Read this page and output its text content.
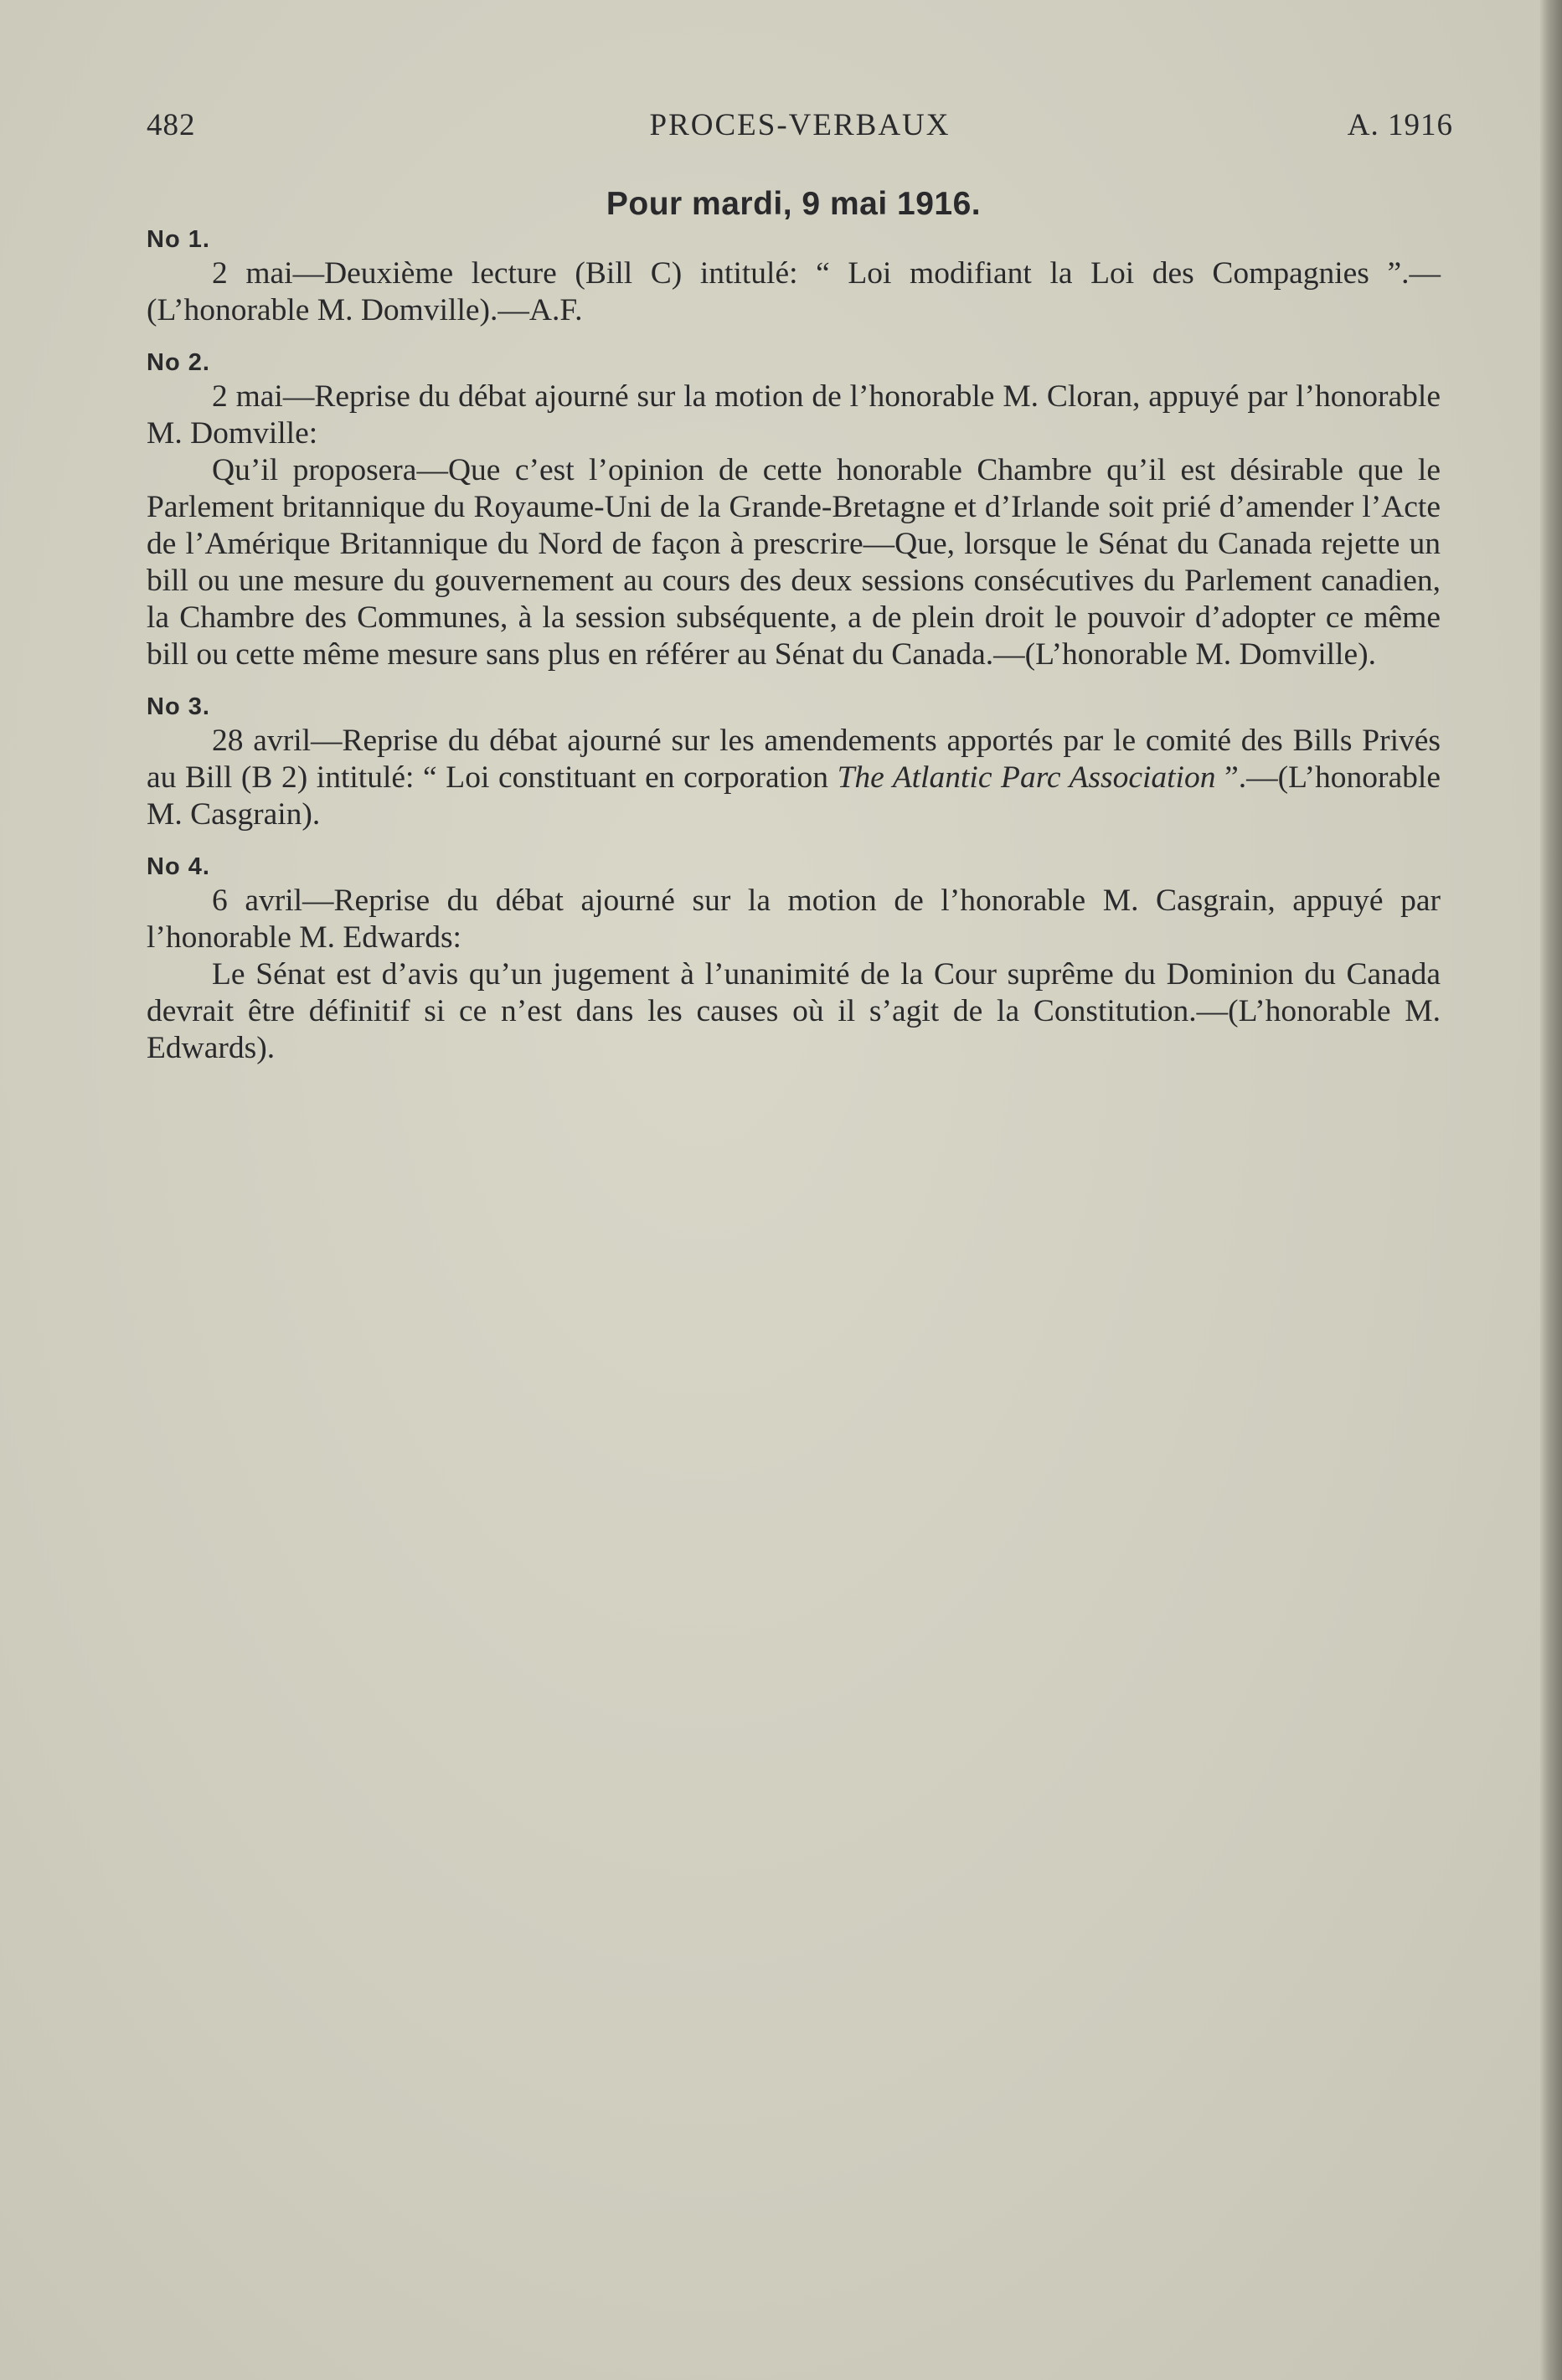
482	PROCES-VERBAUX	A. 1916

Pour mardi, 9 mai 1916.

No 1.

2 mai—Deuxième lecture (Bill C) intitulé: “ Loi modifiant la Loi des Compagnies ”.—(L’honorable M. Domville).—A.F.

No 2.

2 mai—Reprise du débat ajourné sur la motion de l’honorable M. Cloran, appuyé par l’honorable M. Domville:

Qu’il proposera—Que c’est l’opinion de cette honorable Chambre qu’il est désirable que le Parlement britannique du Royaume-Uni de la Grande-Bretagne et d’Irlande soit prié d’amender l’Acte de l’Amérique Britannique du Nord de façon à prescrire—Que, lorsque le Sénat du Canada rejette un bill ou une mesure du gouvernement au cours des deux sessions consécutives du Parlement canadien, la Chambre des Communes, à la session subséquente, a de plein droit le pouvoir d’adopter ce même bill ou cette même mesure sans plus en référer au Sénat du Canada.—(L’honorable M. Domville).

No 3.

28 avril—Reprise du débat ajourné sur les amendements apportés par le comité des Bills Privés au Bill (B 2) intitulé: “ Loi constituant en corporation The Atlantic Parc Association ”.—(L’honorable M. Casgrain).

No 4.

6 avril—Reprise du débat ajourné sur la motion de l’honorable M. Casgrain, appuyé par l’honorable M. Edwards:

Le Sénat est d’avis qu’un jugement à l’unanimité de la Cour suprême du Dominion du Canada devrait être définitif si ce n’est dans les causes où il s’agit de la Constitution.—(L’honorable M. Edwards).
